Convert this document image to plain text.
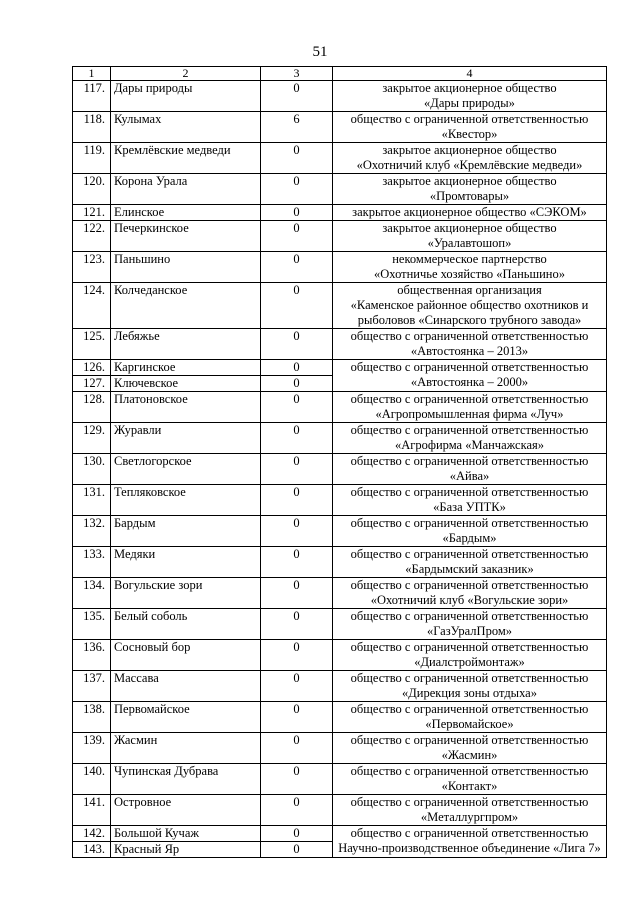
51
1	2	3	4
117.	Дары природы	0	закрытое акционерное общество
«Дары природы»
118.	Кулымах	6	общество с ограниченной ответственностью
«Квестор»
119.	Кремлёвские медведи	0	закрытое акционерное общество
«Охотничий клуб «Кремлёвские медведи»
120.	Корона Урала	0	закрытое акционерное общество
«Промтовары»
121.	Елинское	0	закрытое акционерное общество «СЭКОМ»
122.	Печеркинское	0	закрытое акционерное общество
«Уралавтошоп»
123.	Паньшино	0	некоммерческое партнерство
«Охотничье хозяйство «Паньшино»
124.	Колчеданское	0	общественная организация
«Каменское районное общество охотников и
рыболовов «Синарского трубного завода»
125.	Лебяжье	0	общество с ограниченной ответственностью
«Автостоянка – 2013»
126.	Каргинское	0	общество с ограниченной ответственностью
«Автостоянка – 2000»
127.	Ключевское	0	
128.	Платоновское	0	общество с ограниченной ответственностью
«Агропромышленная фирма «Луч»
129.	Журавли	0	общество с ограниченной ответственностью
«Агрофирма «Манчажская»
130.	Светлогорское	0	общество с ограниченной ответственностью
«Айва»
131.	Тепляковское	0	общество с ограниченной ответственностью
«База УПТК»
132.	Бардым	0	общество с ограниченной ответственностью
«Бардым»
133.	Медяки	0	общество с ограниченной ответственностью
«Бардымский заказник»
134.	Вогульские зори	0	общество с ограниченной ответственностью
«Охотничий клуб «Вогульские зори»
135.	Белый соболь	0	общество с ограниченной ответственностью
«ГазУралПром»
136.	Сосновый бор	0	общество с ограниченной ответственностью
«Диалстроймонтаж»
137.	Массава	0	общество с ограниченной ответственностью
«Дирекция зоны отдыха»
138.	Первомайское	0	общество с ограниченной ответственностью
«Первомайское»
139.	Жасмин	0	общество с ограниченной ответственностью
«Жасмин»
140.	Чупинская Дубрава	0	общество с ограниченной ответственностью
«Контакт»
141.	Островное	0	общество с ограниченной ответственностью
«Металлургпром»
142.	Большой Кучаж	0	общество с ограниченной ответственностью
Научно-производственное объединение «Лига 7»
143.	Красный Яр	0	
